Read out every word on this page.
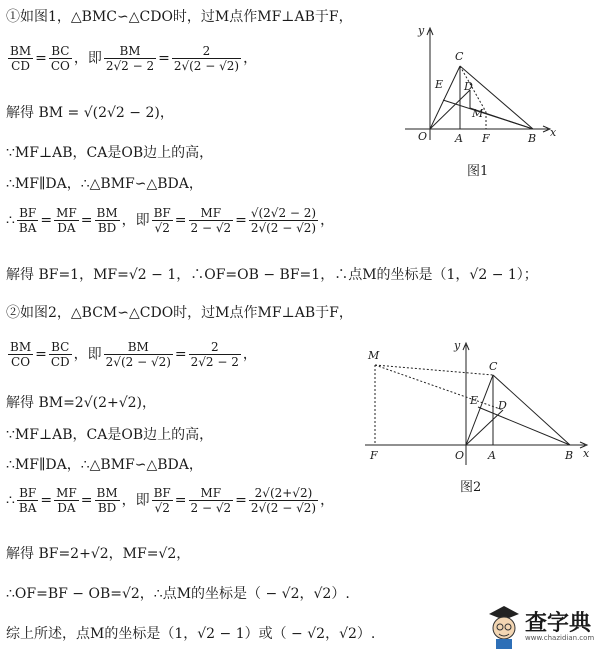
①如图1，△BMC∽△CDO时，过M点作MF⊥AB于F，
$\frac{BM}{CD} = \frac{BC}{CO}$ ，即 $\frac{BM}{2√2 - 2} = \frac{2}{2√(2 - √2)}$ ，
解得 BM = √(2√2 − 2)，
∵MF⊥AB，CA是OB边上的高，
∴MF∥DA，∴△BMF∽△BDA，
∴ $\frac{BF}{BA} = \frac{MF}{DA} = \frac{BM}{BD}$ ，即 $\frac{BF}{√2} = \frac{MF}{2 - √2} = \frac{√(2√2 - 2)}{2√(2 - √2)}$ ，
解得 BF=1，MF=√2 − 1，∴OF=OB − BF=1，∴点M的坐标是（1，√2 − 1）；
②如图2，△BCM∽△CDO时，过M点作MF⊥AB于F，
$\frac{BM}{CO} = \frac{BC}{CD}$ ，即 $\frac{BM}{2√(2 - √2)} = \frac{2}{2√2 - 2}$ ，
解得 BM=2√(2+√2)，
∵MF⊥AB，CA是OB边上的高，
∴MF∥DA，∴△BMF∽△BDA，
∴ $\frac{BF}{BA} = \frac{MF}{DA} = \frac{BM}{BD}$ ，即 $\frac{BF}{√2} = \frac{MF}{2 - √2} = \frac{2√(2+√2)}{2√(2 - √2)}$ ，
解得 BF=2+√2，MF=√2，
∴OF=BF − OB=√2，∴点M的坐标是（ − √2，√2）.
综上所述，点M的坐标是（1，√2 − 1）或（ − √2，√2）.
y
x
O	A F	B
C
E D
M
图1
y
x
M
F	O A	B
C
E D
图2
查字典
www.chazidian.com
